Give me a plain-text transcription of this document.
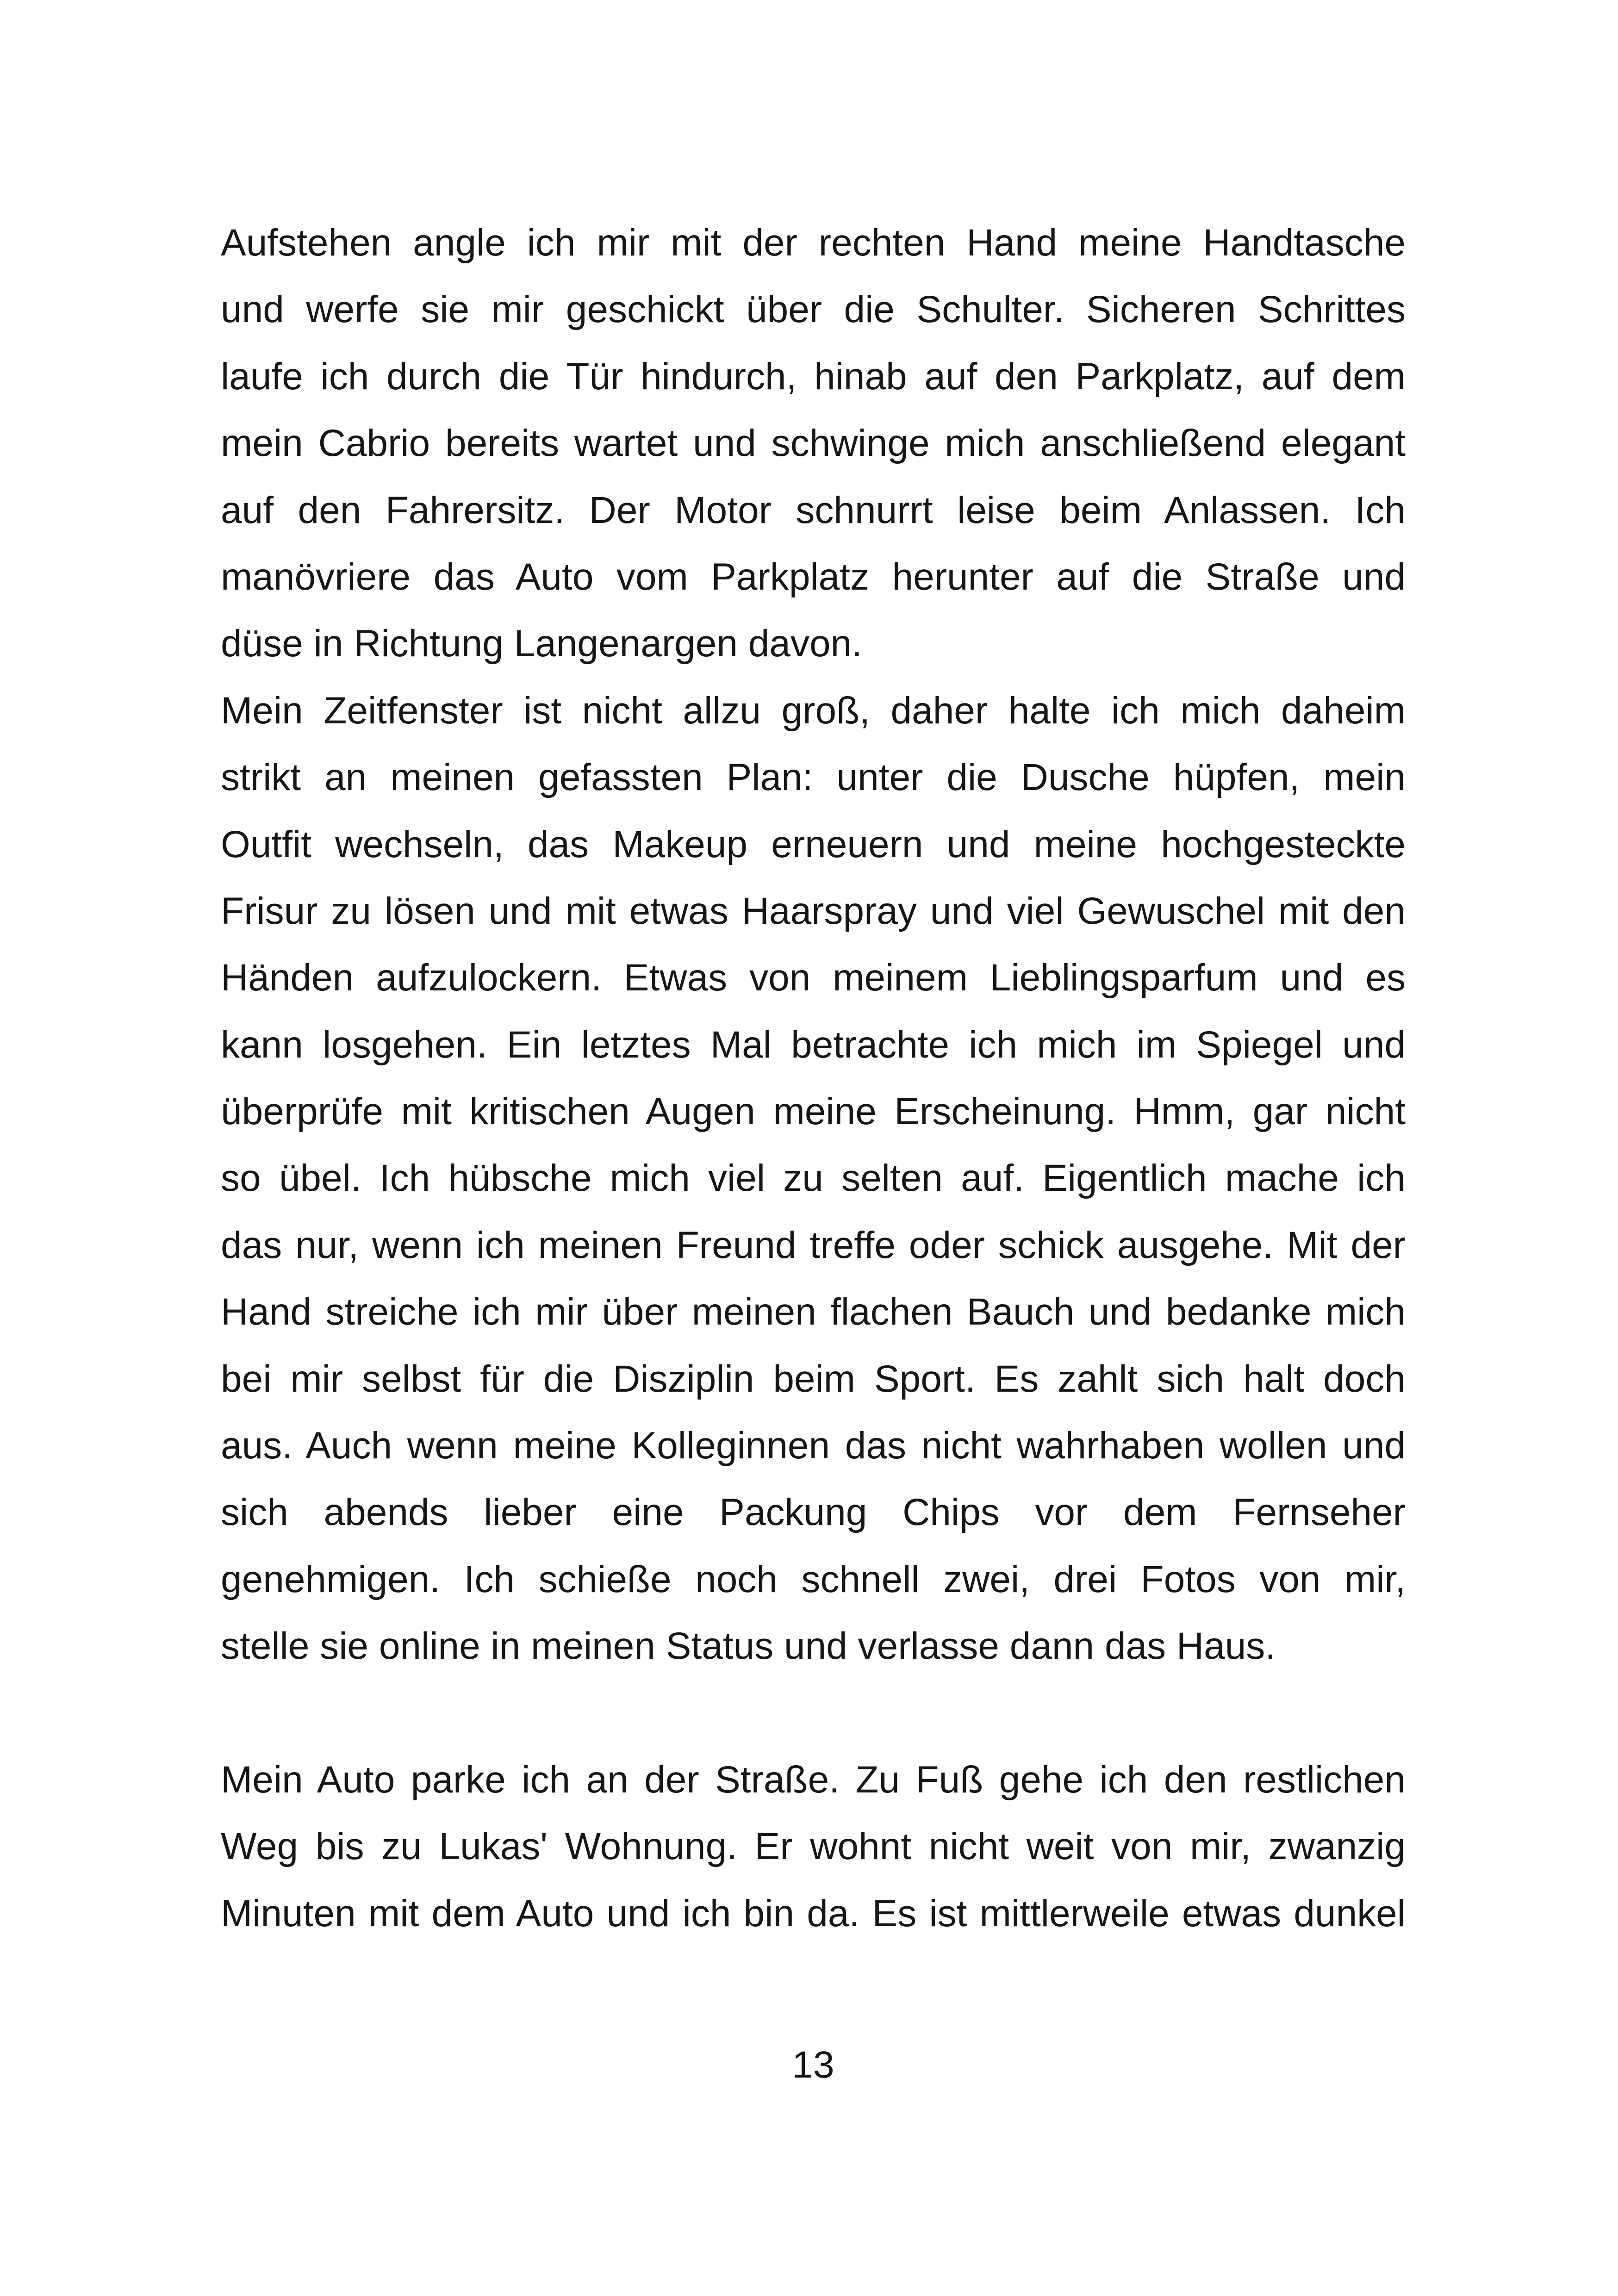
Aufstehen angle ich mir mit der rechten Hand meine Handtasche
und werfe sie mir geschickt über die Schulter. Sicheren Schrittes
laufe ich durch die Tür hindurch, hinab auf den Parkplatz, auf dem
mein Cabrio bereits wartet und schwinge mich anschließend elegant
auf den Fahrersitz. Der Motor schnurrt leise beim Anlassen. Ich
manövriere das Auto vom Parkplatz herunter auf die Straße und
düse in Richtung Langenargen davon.
Mein Zeitfenster ist nicht allzu groß, daher halte ich mich daheim
strikt an meinen gefassten Plan: unter die Dusche hüpfen, mein
Outfit wechseln, das Makeup erneuern und meine hochgesteckte
Frisur zu lösen und mit etwas Haarspray und viel Gewuschel mit den
Händen aufzulockern. Etwas von meinem Lieblingsparfum und es
kann losgehen. Ein letztes Mal betrachte ich mich im Spiegel und
überprüfe mit kritischen Augen meine Erscheinung. Hmm, gar nicht
so übel. Ich hübsche mich viel zu selten auf. Eigentlich mache ich
das nur, wenn ich meinen Freund treffe oder schick ausgehe. Mit der
Hand streiche ich mir über meinen flachen Bauch und bedanke mich
bei mir selbst für die Disziplin beim Sport. Es zahlt sich halt doch
aus. Auch wenn meine Kolleginnen das nicht wahrhaben wollen und
sich abends lieber eine Packung Chips vor dem Fernseher
genehmigen. Ich schieße noch schnell zwei, drei Fotos von mir,
stelle sie online in meinen Status und verlasse dann das Haus.
Mein Auto parke ich an der Straße. Zu Fuß gehe ich den restlichen
Weg bis zu Lukas' Wohnung. Er wohnt nicht weit von mir, zwanzig
Minuten mit dem Auto und ich bin da. Es ist mittlerweile etwas dunkel
13
